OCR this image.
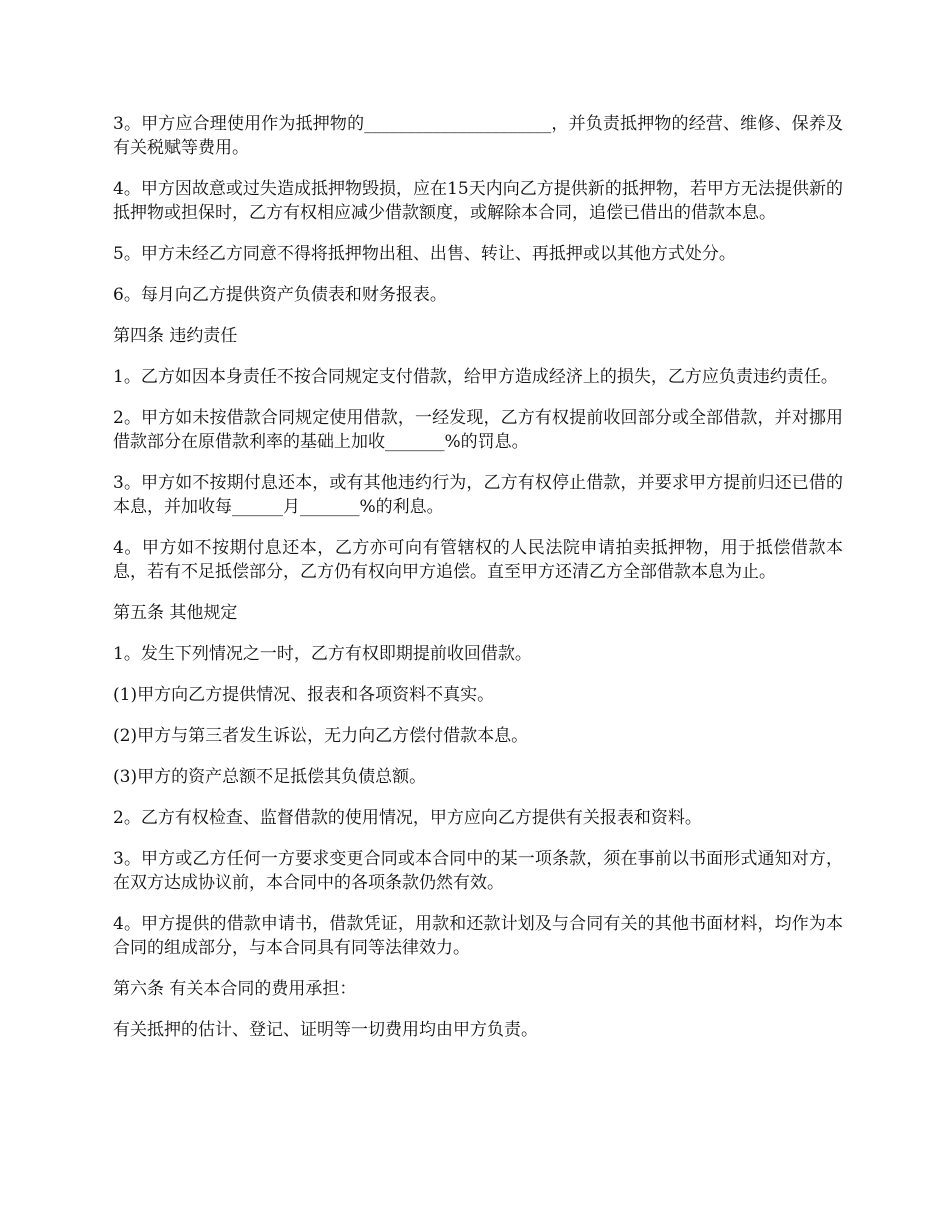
3。甲方应合理使用作为抵押物的______________________，并负责抵押物的经营、维修、保养及有关税赋等费用。

4。甲方因故意或过失造成抵押物毁损，应在15天内向乙方提供新的抵押物，若甲方无法提供新的抵押物或担保时，乙方有权相应减少借款额度，或解除本合同，追偿已借出的借款本息。

5。甲方未经乙方同意不得将抵押物出租、出售、转让、再抵押或以其他方式处分。

6。每月向乙方提供资产负债表和财务报表。

第四条 违约责任

1。乙方如因本身责任不按合同规定支付借款，给甲方造成经济上的损失，乙方应负责违约责任。

2。甲方如未按借款合同规定使用借款，一经发现，乙方有权提前收回部分或全部借款，并对挪用借款部分在原借款利率的基础上加收_______%的罚息。

3。甲方如不按期付息还本，或有其他违约行为，乙方有权停止借款，并要求甲方提前归还已借的本息，并加收每______月_______%的利息。

4。甲方如不按期付息还本，乙方亦可向有管辖权的人民法院申请拍卖抵押物，用于抵偿借款本息，若有不足抵偿部分，乙方仍有权向甲方追偿。直至甲方还清乙方全部借款本息为止。

第五条 其他规定

1。发生下列情况之一时，乙方有权即期提前收回借款。

(1)甲方向乙方提供情况、报表和各项资料不真实。

(2)甲方与第三者发生诉讼，无力向乙方偿付借款本息。

(3)甲方的资产总额不足抵偿其负债总额。

2。乙方有权检查、监督借款的使用情况，甲方应向乙方提供有关报表和资料。

3。甲方或乙方任何一方要求变更合同或本合同中的某一项条款，须在事前以书面形式通知对方，在双方达成协议前，本合同中的各项条款仍然有效。

4。甲方提供的借款申请书，借款凭证，用款和还款计划及与合同有关的其他书面材料，均作为本合同的组成部分，与本合同具有同等法律效力。

第六条 有关本合同的费用承担：

有关抵押的估计、登记、证明等一切费用均由甲方负责。
